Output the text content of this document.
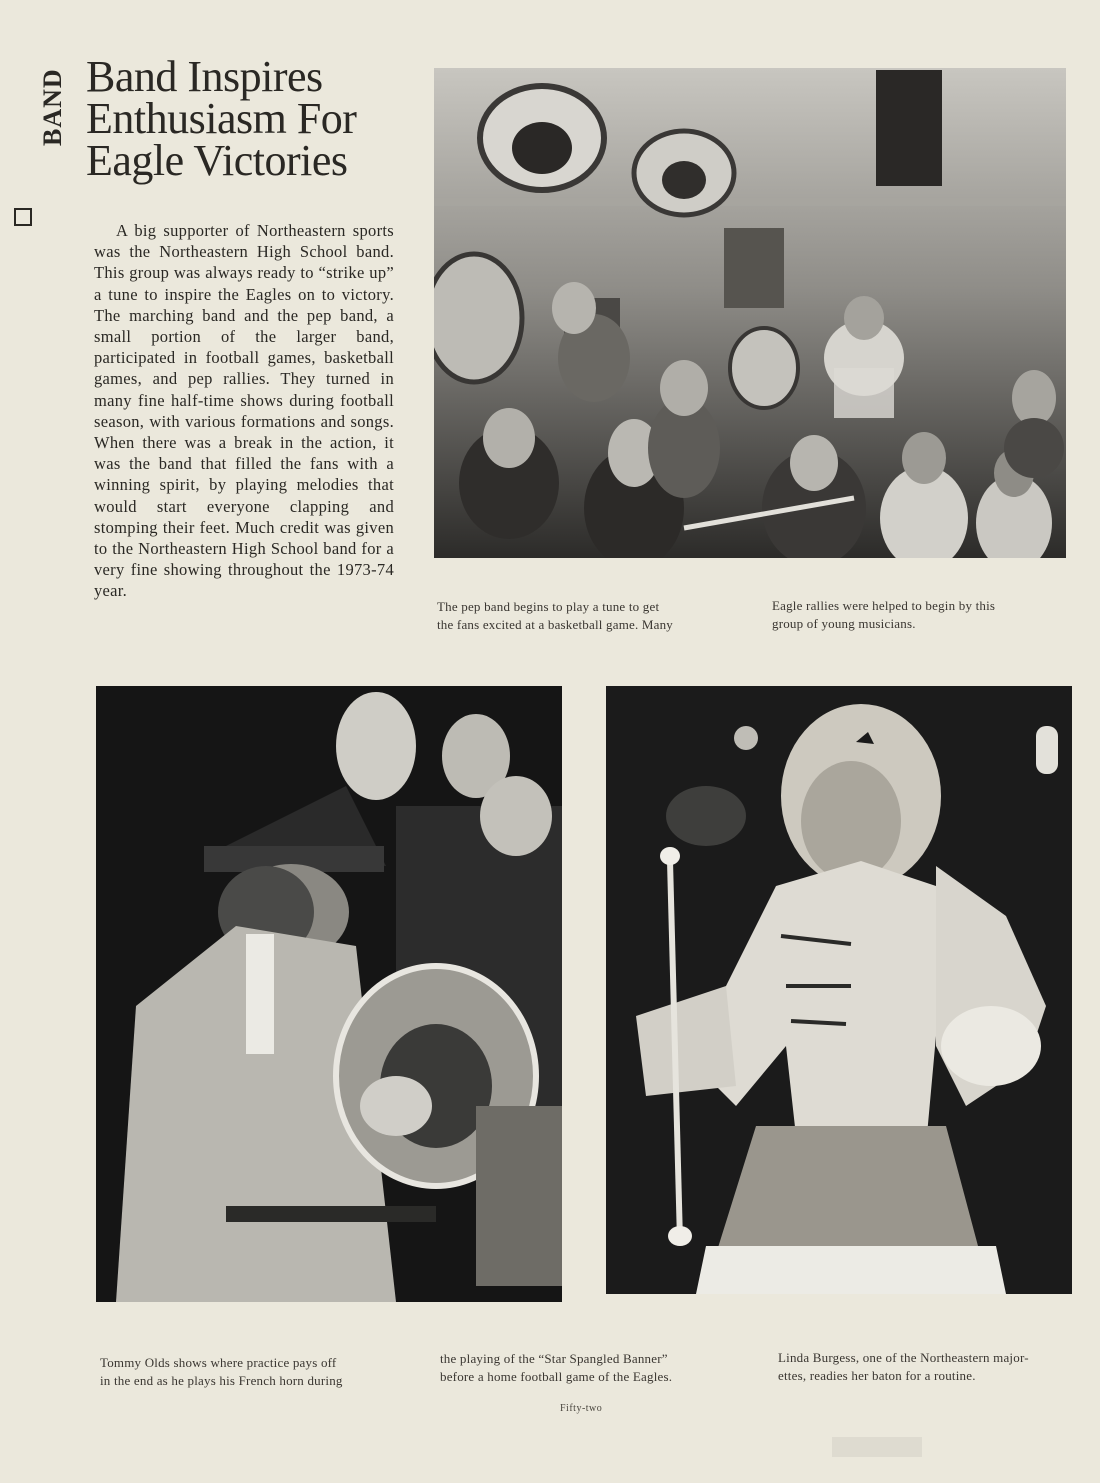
BAND Band Inspires
Enthusiasm For
Eagle Victories

A big supporter of Northeastern sports was the Northeastern High School band. This group was always ready to “strike up” a tune to inspire the Eagles on to victory. The marching band and the pep band, a small portion of the larger band, participated in football games, basketball games, and pep rallies. They turned in many fine half-time shows during football season, with various formations and songs. When there was a break in the action, it was the band that filled the fans with a winning spirit, by playing melodies that would start everyone clapping and stomping their feet. Much credit was given to the Northeastern High School band for a very fine showing throughout the 1973-74 year.

The pep band begins to play a tune to get
the fans excited at a basketball game. Many

Eagle rallies were helped to begin by this
group of young musicians.

Tommy Olds shows where practice pays off
in the end as he plays his French horn during

the playing of the “Star Spangled Banner”
before a home football game of the Eagles.

Linda Burgess, one of the Northeastern major-
ettes, readies her baton for a routine.

Fifty-two
